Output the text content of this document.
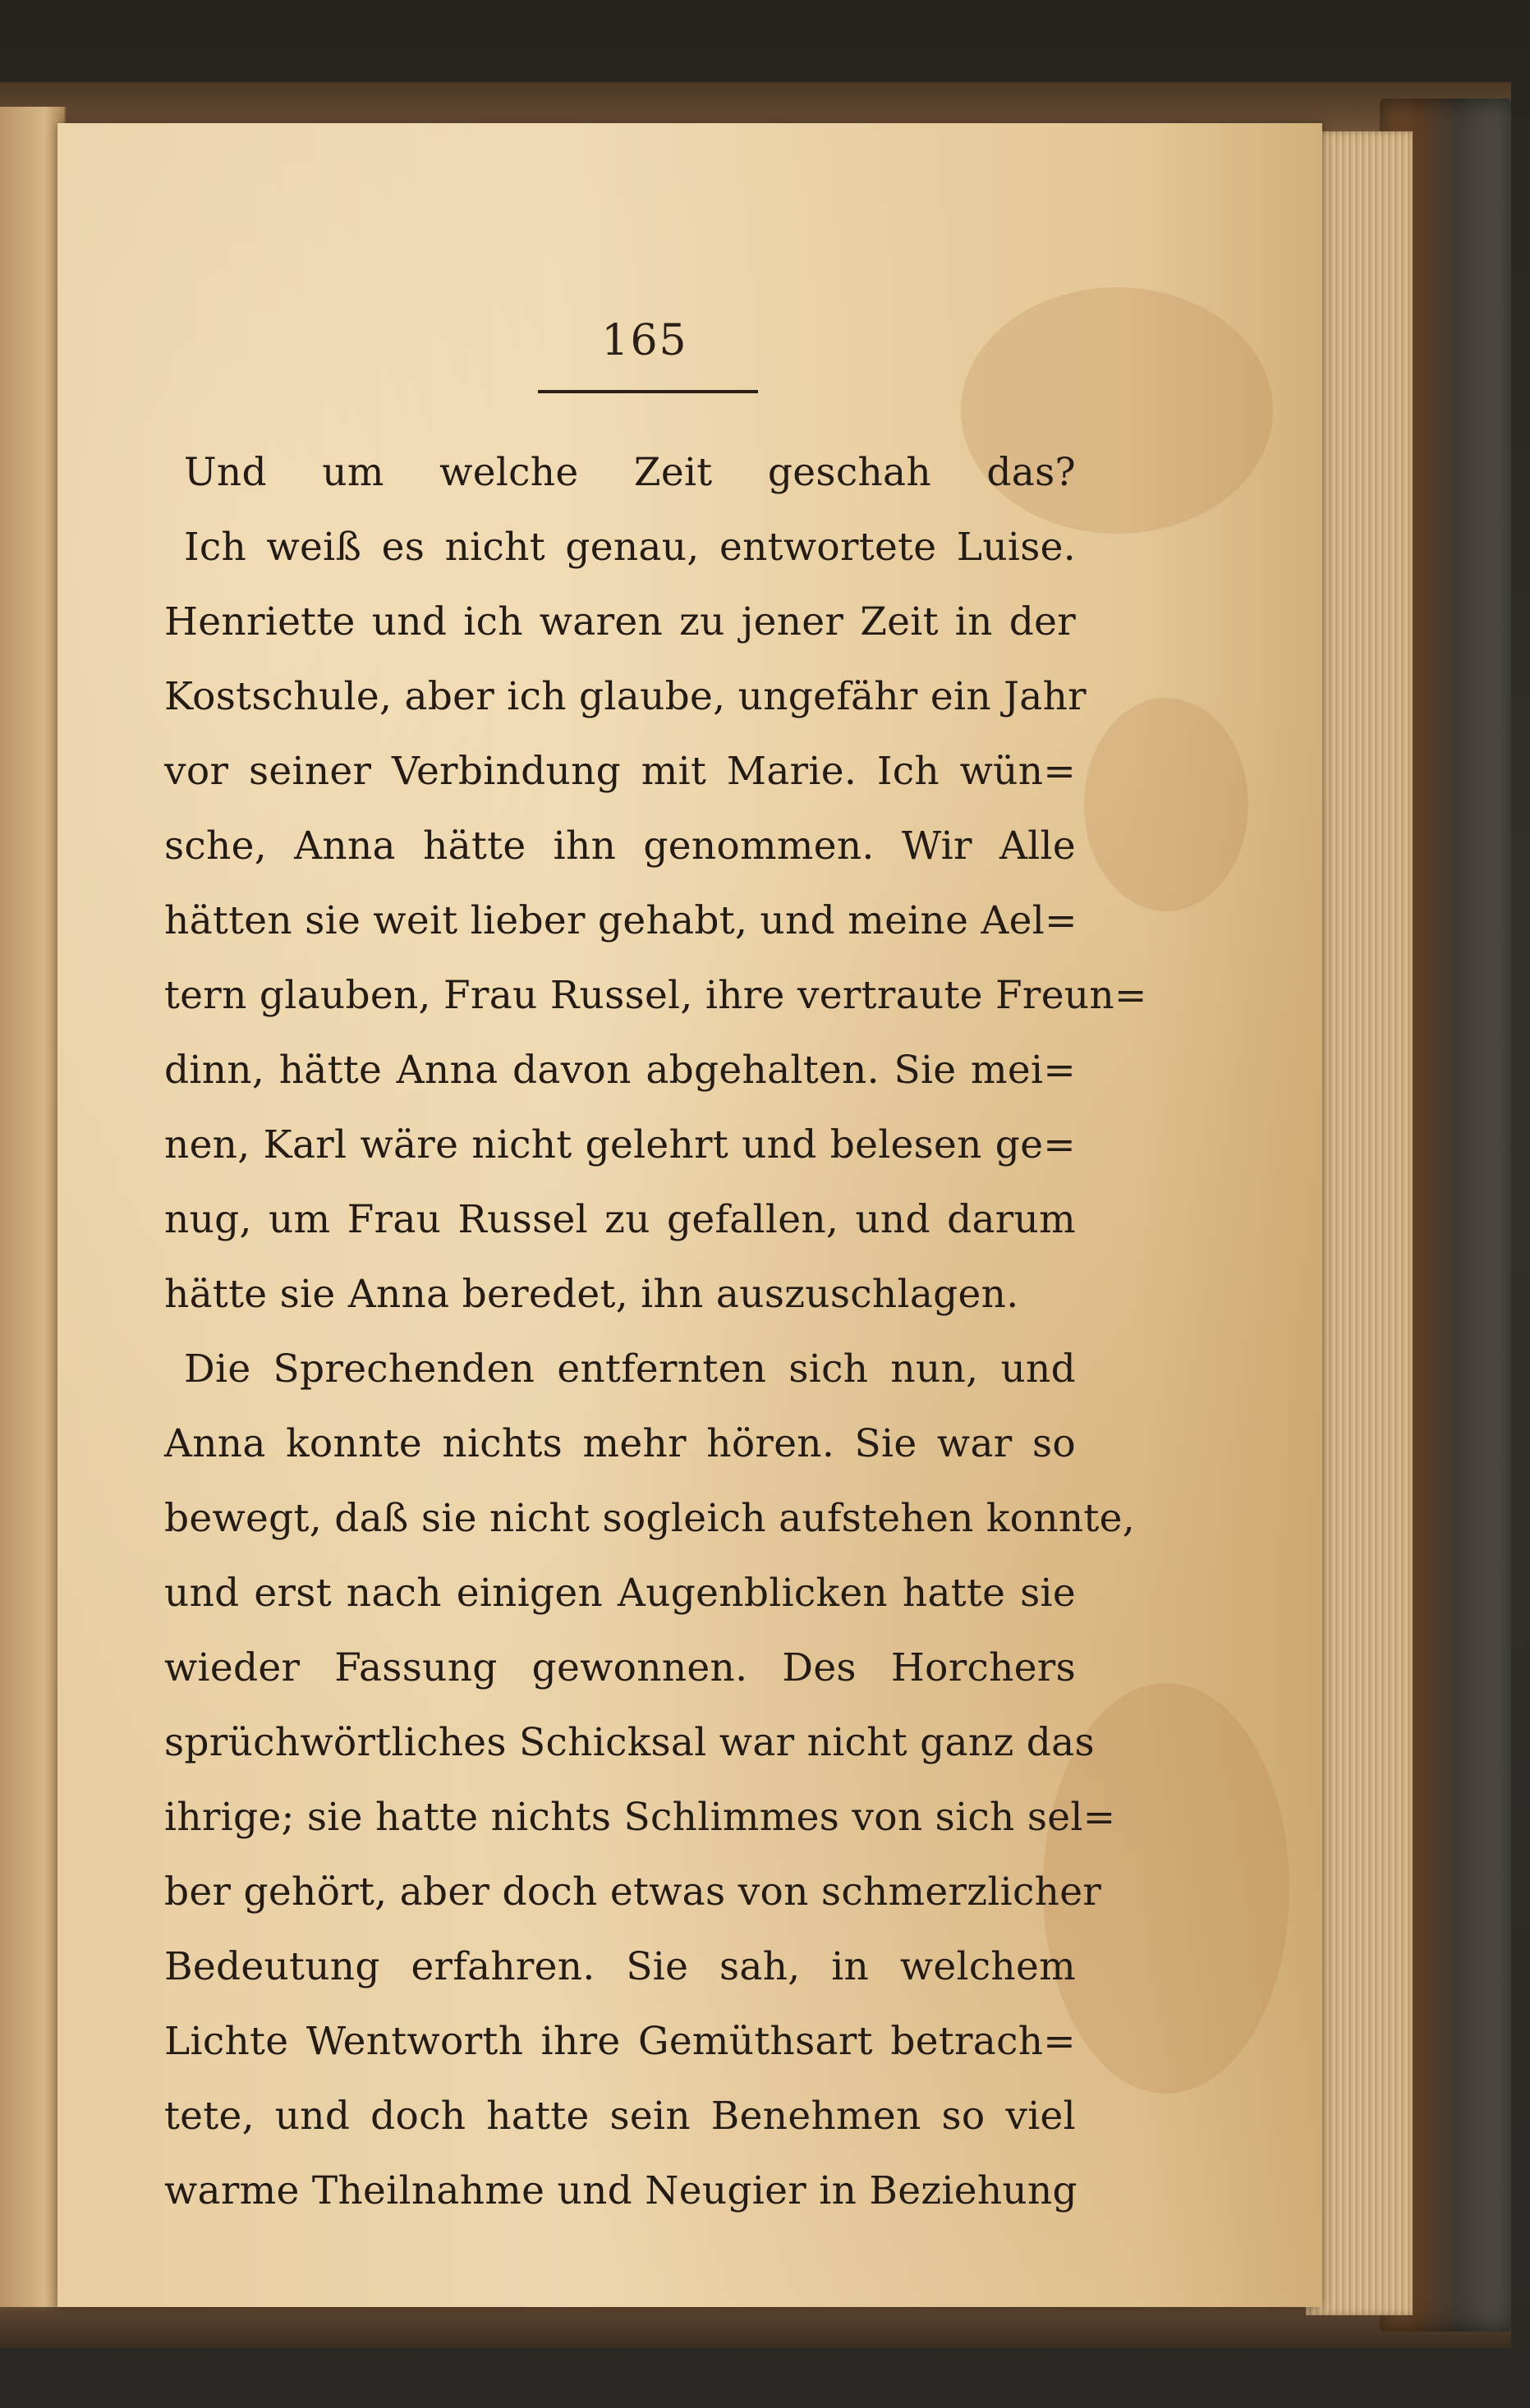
165
Und um welche Zeit geschah das?
Ich weiß es nicht genau, entwortete Luise.
Henriette und ich waren zu jener Zeit in der
Kostschule, aber ich glaube, ungefähr ein Jahr
vor seiner Verbindung mit Marie. Ich wün=
sche, Anna hätte ihn genommen. Wir Alle
hätten sie weit lieber gehabt, und meine Ael=
tern glauben, Frau Russel, ihre vertraute Freun=
dinn, hätte Anna davon abgehalten. Sie mei=
nen, Karl wäre nicht gelehrt und belesen ge=
nug, um Frau Russel zu gefallen, und darum
hätte sie Anna beredet, ihn auszuschlagen.
Die Sprechenden entfernten sich nun, und
Anna konnte nichts mehr hören. Sie war so
bewegt, daß sie nicht sogleich aufstehen konnte,
und erst nach einigen Augenblicken hatte sie
wieder Fassung gewonnen. Des Horchers
sprüchwörtliches Schicksal war nicht ganz das
ihrige; sie hatte nichts Schlimmes von sich sel=
ber gehört, aber doch etwas von schmerzlicher
Bedeutung erfahren. Sie sah, in welchem
Lichte Wentworth ihre Gemüthsart betrach=
tete, und doch hatte sein Benehmen so viel
warme Theilnahme und Neugier in Beziehung
